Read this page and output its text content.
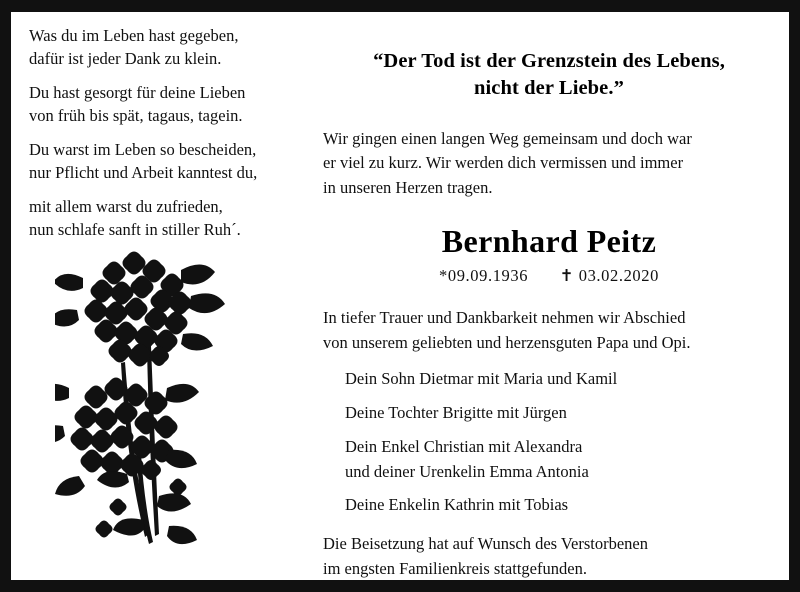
Was du im Leben hast gegeben,
dafür ist jeder Dank zu klein.
Du hast gesorgt für deine Lieben
von früh bis spät, tagaus, tagein.
Du warst im Leben so bescheiden,
nur Pflicht und Arbeit kanntest du,
mit allem warst du zufrieden,
nun schlafe sanft in stiller Ruh´.
“Der Tod ist der Grenzstein des Lebens,
nicht der Liebe.”
Wir gingen einen langen Weg gemeinsam und doch war
er viel zu kurz. Wir werden dich vermissen und immer
in unseren Herzen tragen.
Bernhard Peitz
*09.09.1936 ✝ 03.02.2020
In tiefer Trauer und Dankbarkeit nehmen wir Abschied
von unserem geliebten und herzensguten Papa und Opi.
Dein Sohn Dietmar mit Maria und Kamil
Deine Tochter Brigitte mit Jürgen
Dein Enkel Christian mit Alexandra
und deiner Urenkelin Emma Antonia
Deine Enkelin Kathrin mit Tobias
Die Beisetzung hat auf Wunsch des Verstorbenen
im engsten Familienkreis stattgefunden.
